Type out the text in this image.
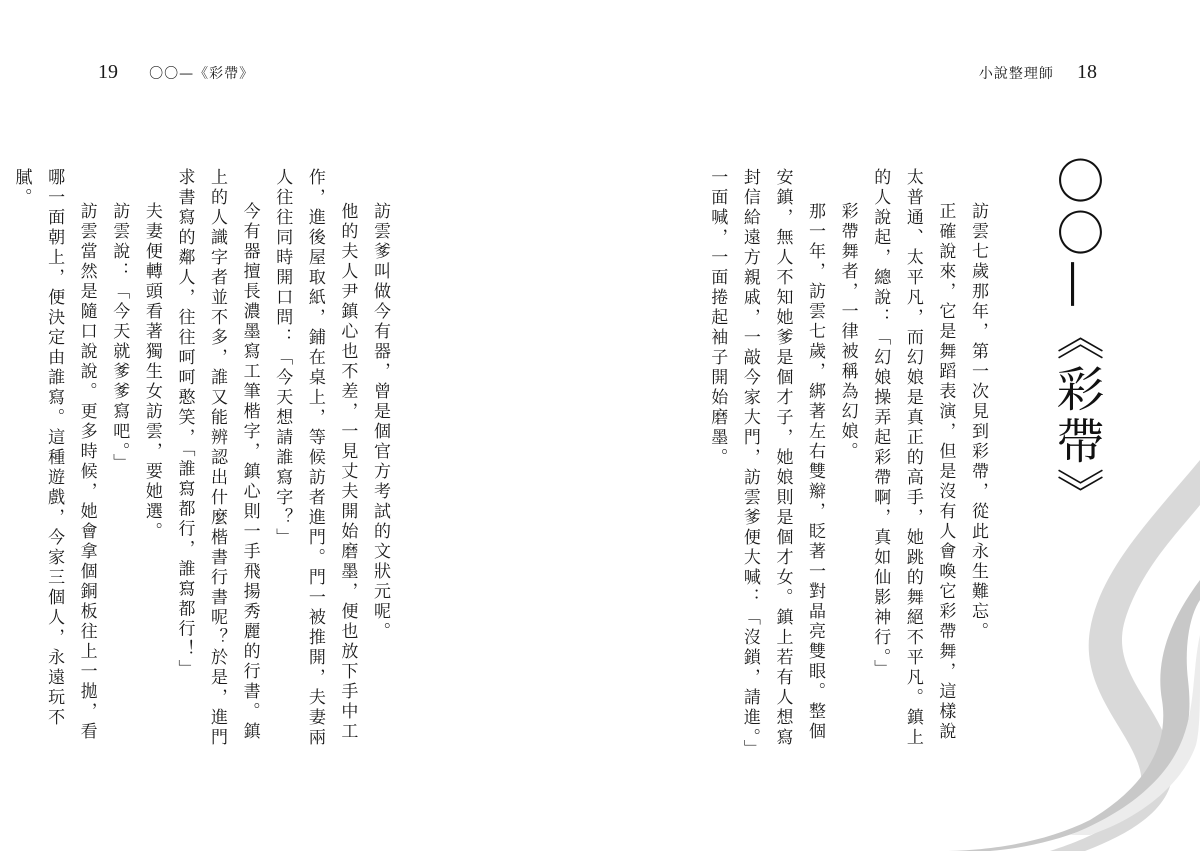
19 〇〇—《彩帶》	小說整理師 18
〇〇—《彩帶》

訪雲七歲那年，第一次見到彩帶，從此永生難忘。

正確說來，它是舞蹈表演，但是沒有人會喚它彩帶舞，這樣說太普通、太平凡，而幻娘是真正的高手，她跳的舞絕不平凡。鎮上的人說起，總說：「幻娘操弄起彩帶啊，真如仙影神行。」

彩帶舞者，一律被稱為幻娘。

那一年，訪雲七歲，綁著左右雙辮，眨著一對晶亮雙眼。整個安鎮，無人不知她爹是個才子，她娘則是個才女。鎮上若有人想寫封信給遠方親戚，一敲今家大門，訪雲爹便大喊：「沒鎖，請進。」一面喊，一面捲起袖子開始磨墨。

訪雲爹叫做今有器，曾是個官方考試的文狀元呢。

他的夫人尹鎮心也不差，一見丈夫開始磨墨，便也放下手中工作，進後屋取紙，鋪在桌上，等候訪者進門。門一被推開，夫妻兩人往往同時開口問：「今天想請誰寫字？」

今有器擅長濃墨寫工筆楷字，鎮心則一手飛揚秀麗的行書。鎮上的人識字者並不多，誰又能辨認出什麼楷書行書呢？於是，進門求書寫的鄰人，往往呵呵憨笑，「誰寫都行，誰寫都行！」

夫妻便轉頭看著獨生女訪雲，要她選。

訪雲說：「今天就爹爹寫吧。」

訪雲當然是隨口說說。更多時候，她會拿個銅板往上一拋，看哪一面朝上，便決定由誰寫。這種遊戲，今家三個人，永遠玩不膩。
